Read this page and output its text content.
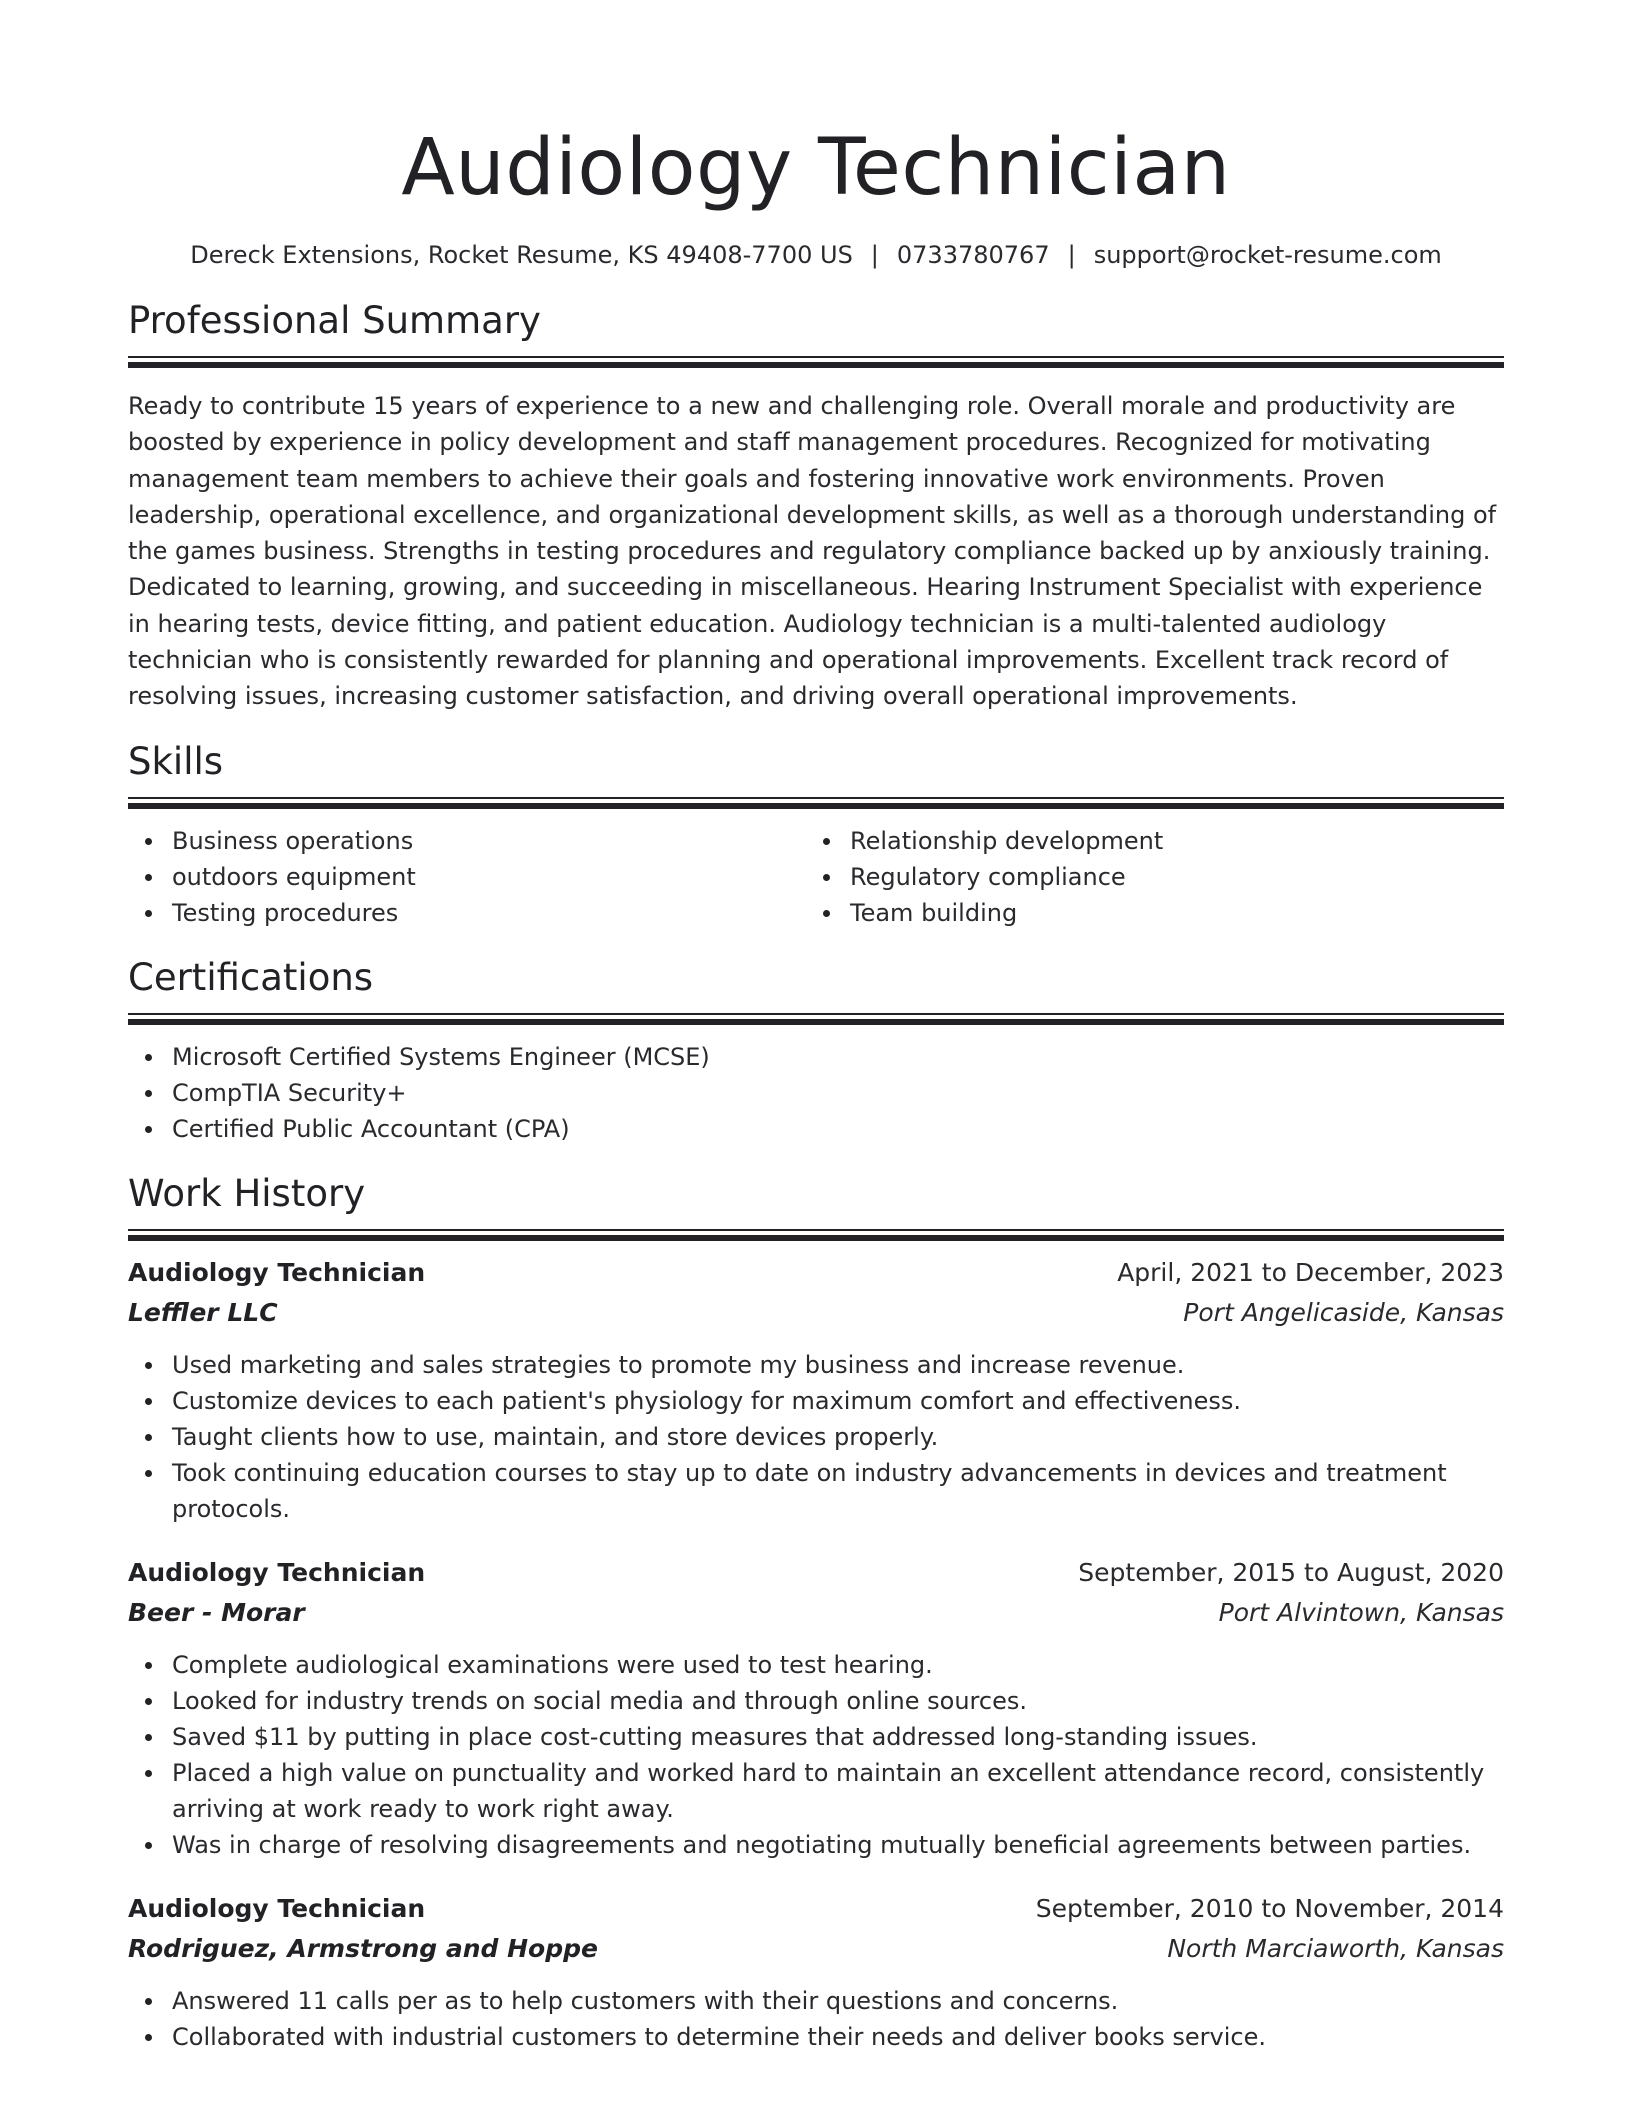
Audiology Technician
Dereck Extensions, Rocket Resume, KS 49408-7700 US | 0733780767 | support@rocket-resume.com
Professional Summary

Ready to contribute 15 years of experience to a new and challenging role. Overall morale and productivity are boosted by experience in policy development and staff management procedures. Recognized for motivating management team members to achieve their goals and fostering innovative work environments. Proven leadership, operational excellence, and organizational development skills, as well as a thorough understanding of the games business. Strengths in testing procedures and regulatory compliance backed up by anxiously training. Dedicated to learning, growing, and succeeding in miscellaneous. Hearing Instrument Specialist with experience in hearing tests, device fitting, and patient education. Audiology technician is a multi-talented audiology technician who is consistently rewarded for planning and operational improvements. Excellent track record of resolving issues, increasing customer satisfaction, and driving overall operational improvements.

Skills
Business operations
outdoors equipment
Testing procedures
Relationship development
Regulatory compliance
Team building
Certifications
Microsoft Certified Systems Engineer (MCSE)
CompTIA Security+
Certified Public Accountant (CPA)
Work History
Audiology Technician	April, 2021 to December, 2023
Leffler LLC	Port Angelicaside, Kansas
Used marketing and sales strategies to promote my business and increase revenue.
Customize devices to each patient's physiology for maximum comfort and effectiveness.
Taught clients how to use, maintain, and store devices properly.
Took continuing education courses to stay up to date on industry advancements in devices and treatment protocols.
Audiology Technician	September, 2015 to August, 2020
Beer - Morar	Port Alvintown, Kansas
Complete audiological examinations were used to test hearing.
Looked for industry trends on social media and through online sources.
Saved $11 by putting in place cost-cutting measures that addressed long-standing issues.
Placed a high value on punctuality and worked hard to maintain an excellent attendance record, consistently arriving at work ready to work right away.
Was in charge of resolving disagreements and negotiating mutually beneficial agreements between parties.
Audiology Technician	September, 2010 to November, 2014
Rodriguez, Armstrong and Hoppe	North Marciaworth, Kansas
Answered 11 calls per as to help customers with their questions and concerns.
Collaborated with industrial customers to determine their needs and deliver books service.
